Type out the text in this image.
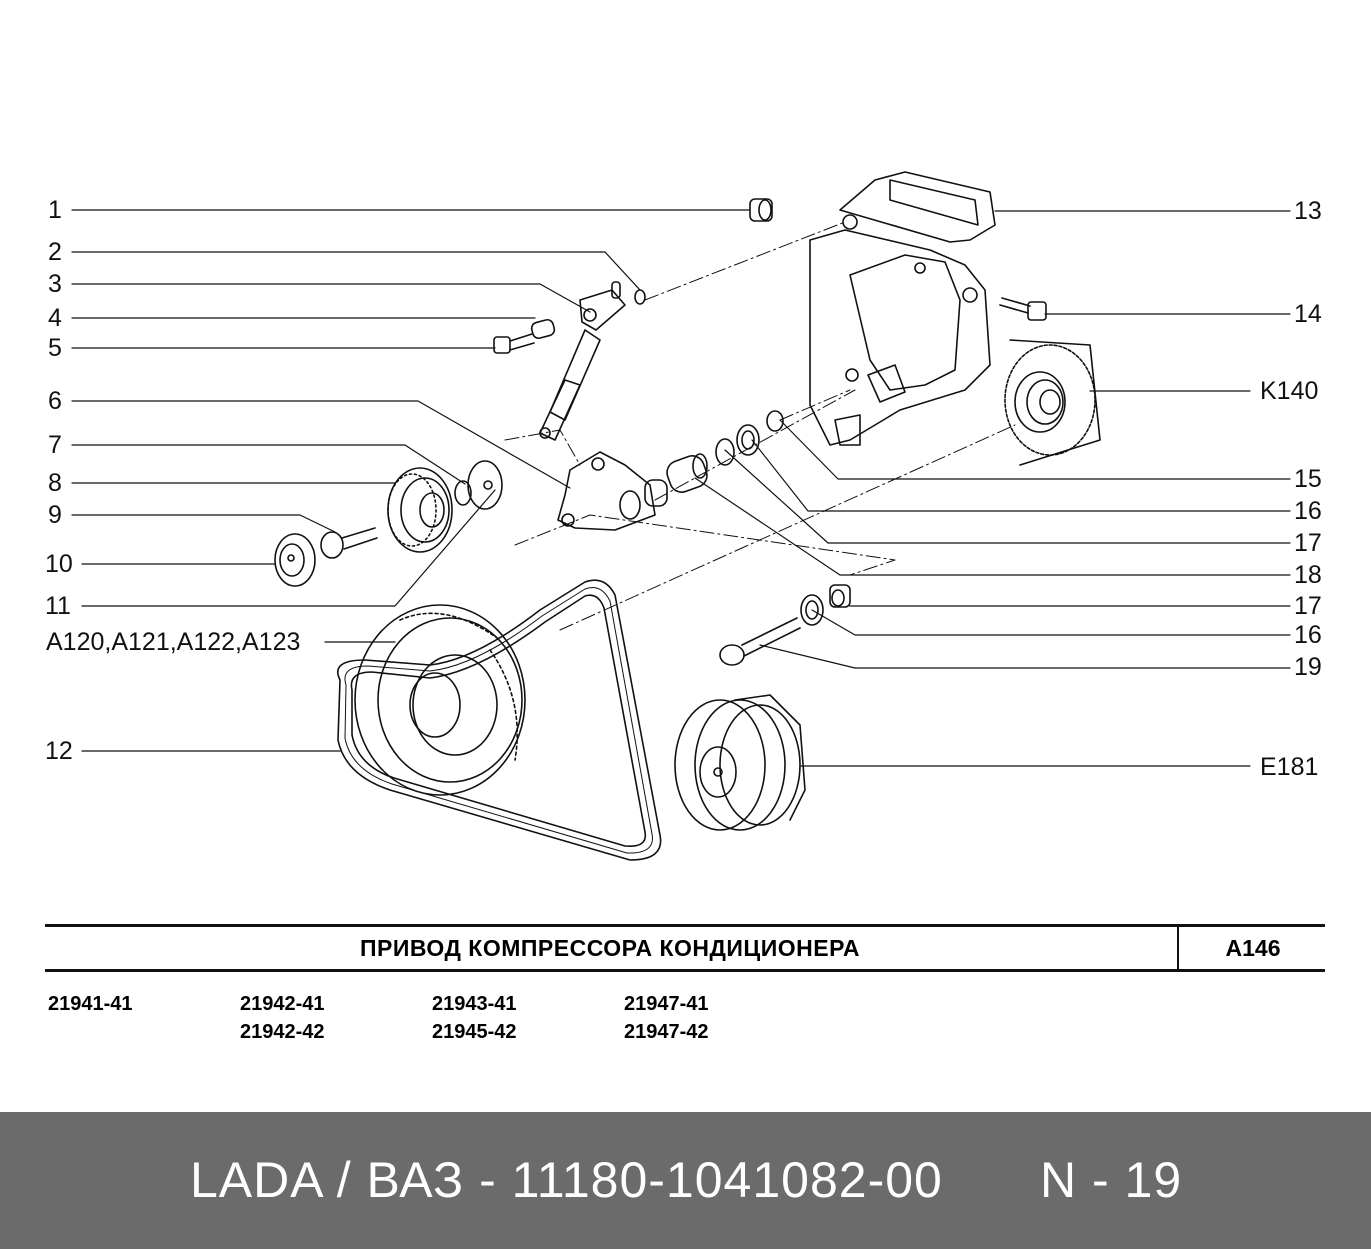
1
2
3
4
5
6
7
8
9
10
11
A120,A121,A122,A123
12
13
14
K140
15
16
17
18
17
16
19
E181
ПРИВОД КОМПРЕССОРА КОНДИЦИОНЕРА	A146
21941-41	21942-41
21942-42
21943-41
21945-42
21947-41
21947-42
LADA / ВАЗ - 11180-1041082-00 N - 19
